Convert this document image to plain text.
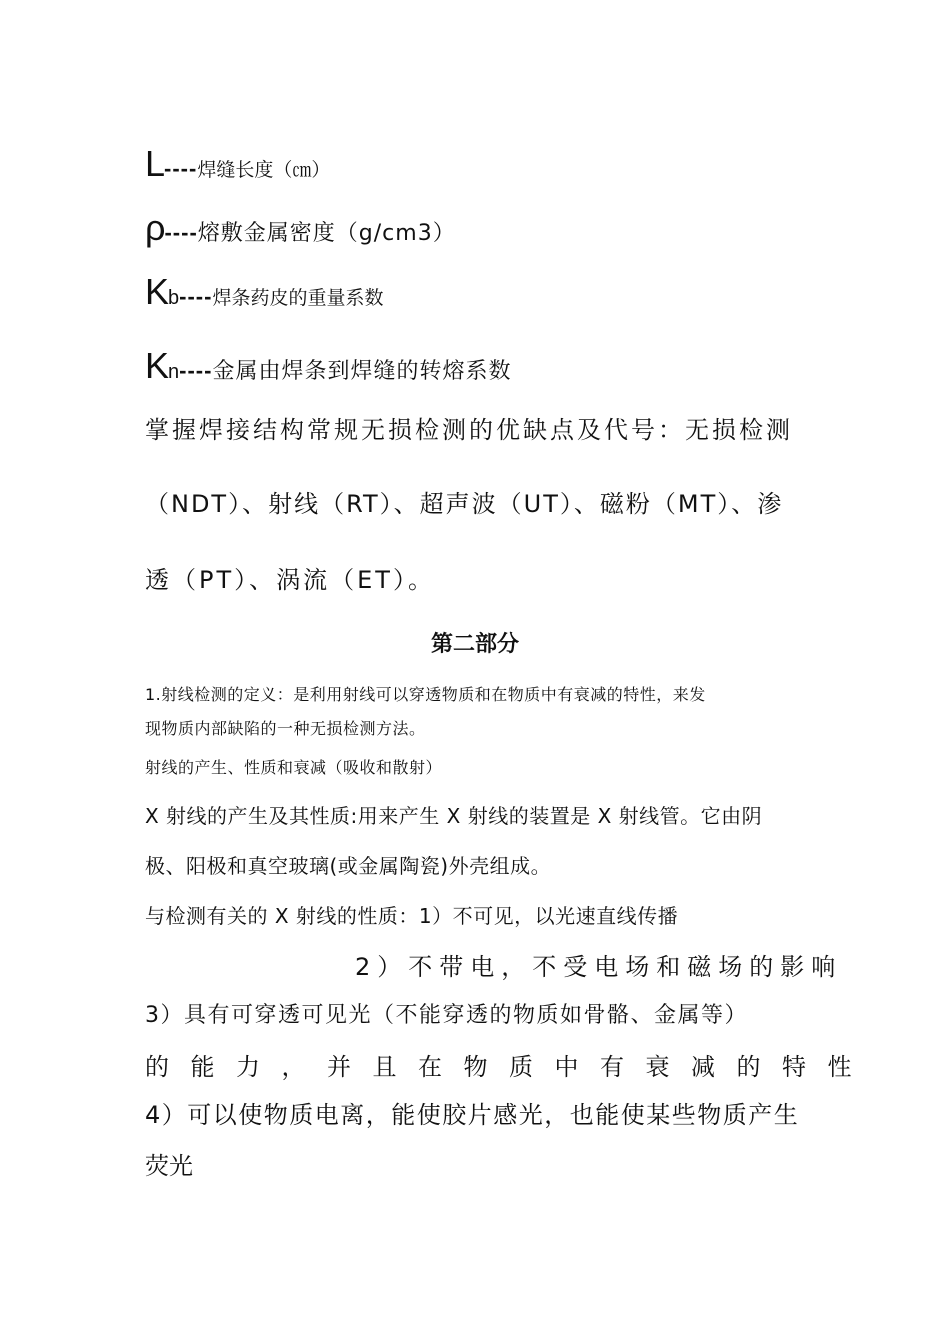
L----焊缝长度（㎝）
ρ----熔敷金属密度（g/cm3）
Kb----焊条药皮的重量系数
Kn----金属由焊条到焊缝的转熔系数
掌握焊接结构常规无损检测的优缺点及代号：无损检测
（NDT）、射线（RT）、超声波（UT）、磁粉（MT）、渗
透（PT）、涡流（ET）。
第二部分
1.射线检测的定义：是利用射线可以穿透物质和在物质中有衰减的特性，来发
现物质内部缺陷的一种无损检测方法。
射线的产生、性质和衰减（吸收和散射）
X 射线的产生及其性质:用来产生 X 射线的装置是 X 射线管。它由阴
极、阳极和真空玻璃(或金属陶瓷)外壳组成。
与检测有关的 X 射线的性质：1）不可见，以光速直线传播
2）不带电，不受电场和磁场的影响
3）具有可穿透可见光（不能穿透的物质如骨骼、金属等）
的能力，并且在物质中有衰减的特性
4）可以使物质电离，能使胶片感光，也能使某些物质产生
荧光
